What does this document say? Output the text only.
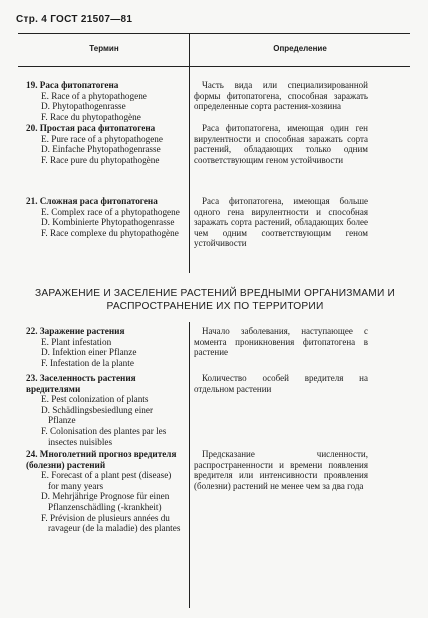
Стр. 4 ГОСТ 21507—81
Термин	Определение
19. Раса фитопатогена
E. Race of a phytopathogene
D. Phytopathogenrasse
F. Race du phytopathogène
Часть вида или специализированной формы фитопатогена, способная заражать определенные сорта растения-хозяина
20. Простая раса фитопатогена
E. Pure race of a phytopathogene
D. Einfache Phytopathogenrasse
F. Race pure du phytopathogène
Раса фитопатогена, имеющая один ген вирулентности и способная заражать сорта растений, обладающих только одним соответствующим геном устойчивости
21. Сложная раса фитопатогена
E. Complex race of a phytopathogene
D. Kombinierte Phytopathogenrasse
F. Race complexe du phytopathogène
Раса фитопатогена, имеющая больше одного гена вирулентности и способная заражать сорта растений, обладающих более чем одним соответствующим геном устойчивости
ЗАРАЖЕНИЕ И ЗАСЕЛЕНИЕ РАСТЕНИЙ ВРЕДНЫМИ ОРГАНИЗМАМИ И РАСПРОСТРАНЕНИЕ ИХ ПО ТЕРРИТОРИИ
22. Заражение растения
E. Plant infestation
D. Infektion einer Pflanze
F. Infestation de la plante
Начало заболевания, наступающее с момента проникновения фитопатогена в растение
23. Заселенность растения вредителями
E. Pest colonization of plants
D. Schädlingsbesiedlung einer Pflanze
F. Colonisation des plantes par les insectes nuisibles
Количество особей вредителя на отдельном растении
24. Многолетний прогноз вредителя (болезни) растений
E. Forecast of a plant pest (disease) for many years
D. Mehrjährige Prognose für einen Pflanzenschädling (-krankheit)
F. Prévision de plusieurs années du ravageur (de la maladie) des plantes
Предсказание численности, распространенности и времени появления вредителя или интенсивности проявления (болезни) растений не менее чем за два года
